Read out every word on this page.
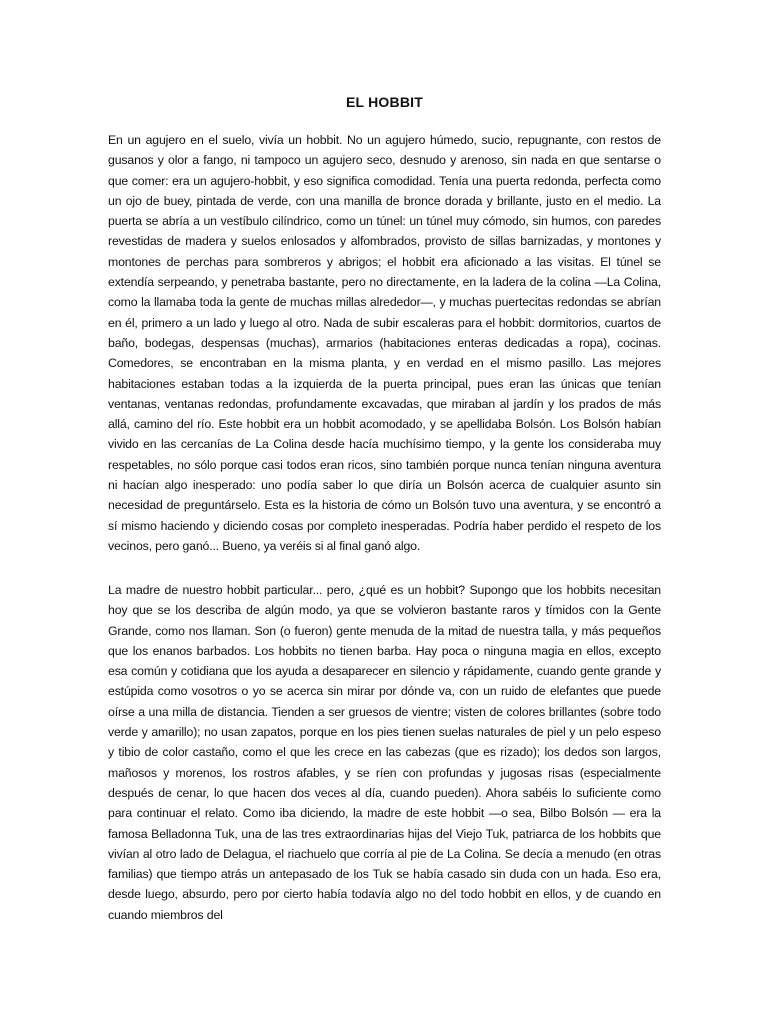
EL HOBBIT

En un agujero en el suelo, vivía un hobbit. No un agujero húmedo, sucio, repugnante, con restos de gusanos y olor a fango, ni tampoco un agujero seco, desnudo y arenoso, sin nada en que sentarse o que comer: era un agujero-hobbit, y eso significa comodidad. Tenía una puerta redonda, perfecta como un ojo de buey, pintada de verde, con una manilla de bronce dorada y brillante, justo en el medio. La puerta se abría a un vestíbulo cilíndrico, como un túnel: un túnel muy cómodo, sin humos, con paredes revestidas de madera y suelos enlosados y alfombrados, provisto de sillas barnizadas, y montones y montones de perchas para sombreros y abrigos; el hobbit era aficionado a las visitas. El túnel se extendía serpeando, y penetraba bastante, pero no directamente, en la ladera de la colina —La Colina, como la llamaba toda la gente de muchas millas alrededor—, y muchas puertecitas redondas se abrían en él, primero a un lado y luego al otro. Nada de subir escaleras para el hobbit: dormitorios, cuartos de baño, bodegas, despensas (muchas), armarios (habitaciones enteras dedicadas a ropa), cocinas. Comedores, se encontraban en la misma planta, y en verdad en el mismo pasillo. Las mejores habitaciones estaban todas a la izquierda de la puerta principal, pues eran las únicas que tenían ventanas, ventanas redondas, profundamente excavadas, que miraban al jardín y los prados de más allá, camino del río. Este hobbit era un hobbit acomodado, y se apellidaba Bolsón. Los Bolsón habían vivido en las cercanías de La Colina desde hacía muchísimo tiempo, y la gente los consideraba muy respetables, no sólo porque casi todos eran ricos, sino también porque nunca tenían ninguna aventura ni hacían algo inesperado: uno podía saber lo que diría un Bolsón acerca de cualquier asunto sin necesidad de preguntárselo. Esta es la historia de cómo un Bolsón tuvo una aventura, y se encontró a sí mismo haciendo y diciendo cosas por completo inesperadas. Podría haber perdido el respeto de los vecinos, pero ganó... Bueno, ya veréis si al final ganó algo.

La madre de nuestro hobbit particular... pero, ¿qué es un hobbit? Supongo que los hobbits necesitan hoy que se los describa de algún modo, ya que se volvieron bastante raros y tímidos con la Gente Grande, como nos llaman. Son (o fueron) gente menuda de la mitad de nuestra talla, y más pequeños que los enanos barbados. Los hobbits no tienen barba. Hay poca o ninguna magia en ellos, excepto esa común y cotidiana que los ayuda a desaparecer en silencio y rápidamente, cuando gente grande y estúpida como vosotros o yo se acerca sin mirar por dónde va, con un ruido de elefantes que puede oírse a una milla de distancia. Tienden a ser gruesos de vientre; visten de colores brillantes (sobre todo verde y amarillo); no usan zapatos, porque en los pies tienen suelas naturales de piel y un pelo espeso y tibio de color castaño, como el que les crece en las cabezas (que es rizado); los dedos son largos, mañosos y morenos, los rostros afables, y se ríen con profundas y jugosas risas (especialmente después de cenar, lo que hacen dos veces al día, cuando pueden). Ahora sabéis lo suficiente como para continuar el relato. Como iba diciendo, la madre de este hobbit —o sea, Bilbo Bolsón — era la famosa Belladonna Tuk, una de las tres extraordinarias hijas del Viejo Tuk, patriarca de los hobbits que vivían al otro lado de Delagua, el riachuelo que corría al pie de La Colina. Se decía a menudo (en otras familias) que tiempo atrás un antepasado de los Tuk se había casado sin duda con un hada. Eso era, desde luego, absurdo, pero por cierto había todavía algo no del todo hobbit en ellos, y de cuando en cuando miembros del
